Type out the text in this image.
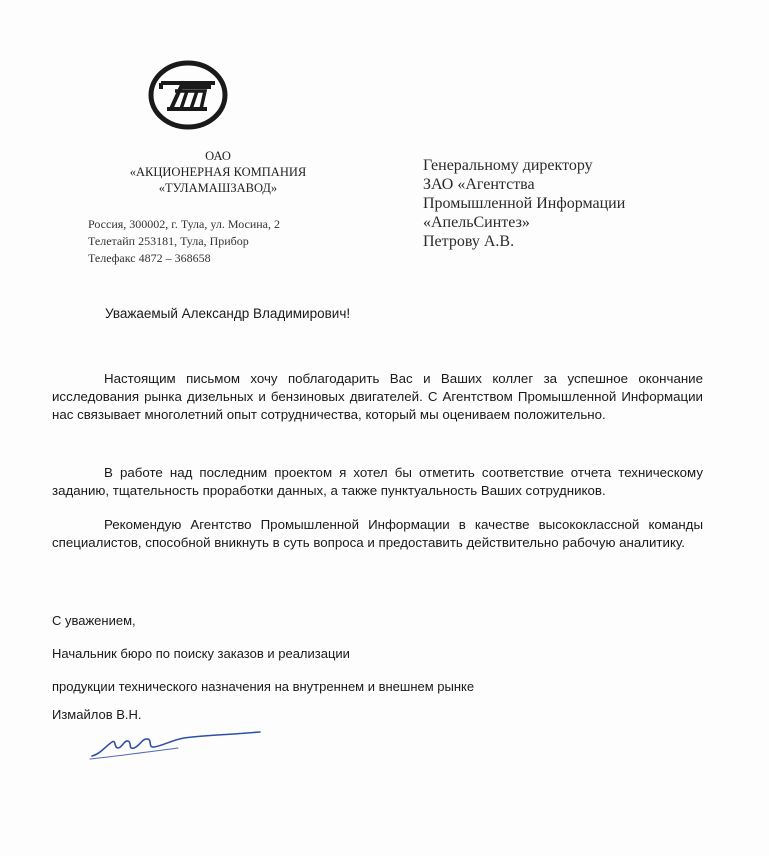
ОАО
«АКЦИОНЕРНАЯ КОМПАНИЯ
«ТУЛАМАШЗАВОД»
Россия, 300002, г. Тула, ул. Мосина, 2
Телетайп 253181, Тула, Прибор
Телефакс 4872 – 368658
Генеральному директору
ЗАО «Агентства
Промышленной Информации
«АпельСинтез»
Петрову А.В.
Уважаемый Александр Владимирович!

Настоящим письмом хочу поблагодарить Вас и Ваших коллег за успешное окончание исследования рынка дизельных и бензиновых двигателей. С Агентством Промышленной Информации нас связывает многолетний опыт сотрудничества, который мы оцениваем положительно.

В работе над последним проектом я хотел бы отметить соответствие отчета техническому заданию, тщательность проработки данных, а также пунктуальность Ваших сотрудников.

Рекомендую Агентство Промышленной Информации в качестве высококлассной команды специалистов, способной вникнуть в суть вопроса и предоставить действительно рабочую аналитику.

С уважением,
Начальник бюро по поиску заказов и реализации
продукции технического назначения на внутреннем и внешнем рынке
Измайлов В.Н.
